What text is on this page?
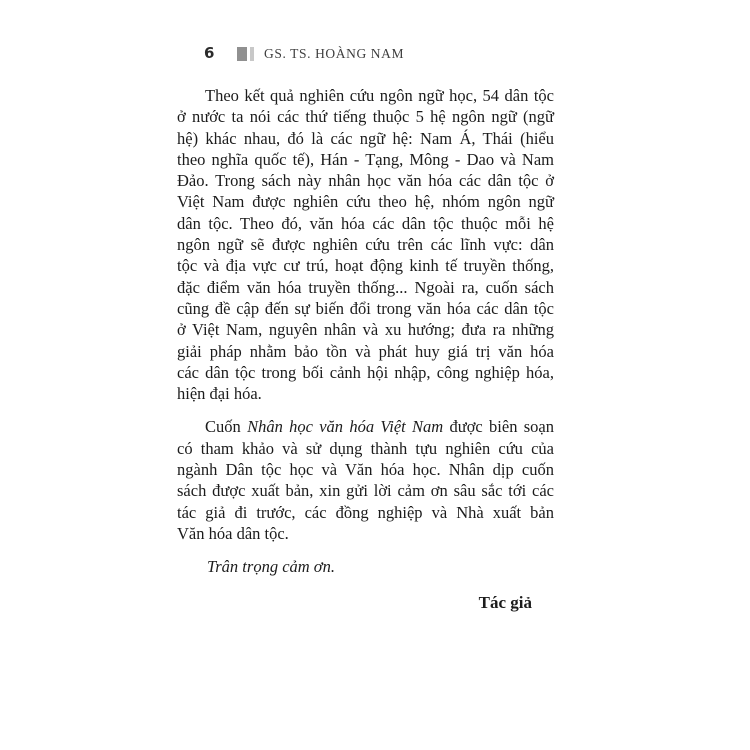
6	GS. TS. HOÀNG NAM
Theo kết quả nghiên cứu ngôn ngữ học, 54 dân tộc
ở nước ta nói các thứ tiếng thuộc 5 hệ ngôn ngữ (ngữ
hệ) khác nhau, đó là các ngữ hệ: Nam Á, Thái (hiểu
theo nghĩa quốc tế), Hán - Tạng, Mông - Dao và Nam
Đảo. Trong sách này nhân học văn hóa các dân tộc ở
Việt Nam được nghiên cứu theo hệ, nhóm ngôn ngữ
dân tộc. Theo đó, văn hóa các dân tộc thuộc mỗi hệ
ngôn ngữ sẽ được nghiên cứu trên các lĩnh vực: dân
tộc và địa vực cư trú, hoạt động kinh tế truyền thống,
đặc điểm văn hóa truyền thống... Ngoài ra, cuốn sách
cũng đề cập đến sự biến đổi trong văn hóa các dân tộc
ở Việt Nam, nguyên nhân và xu hướng; đưa ra những
giải pháp nhằm bảo tồn và phát huy giá trị văn hóa
các dân tộc trong bối cảnh hội nhập, công nghiệp hóa,
hiện đại hóa.
Cuốn Nhân học văn hóa Việt Nam được biên soạn
có tham khảo và sử dụng thành tựu nghiên cứu của
ngành Dân tộc học và Văn hóa học. Nhân dịp cuốn
sách được xuất bản, xin gửi lời cảm ơn sâu sắc tới các
tác giả đi trước, các đồng nghiệp và Nhà xuất bản
Văn hóa dân tộc.

Trân trọng cảm ơn.

Tác giả
